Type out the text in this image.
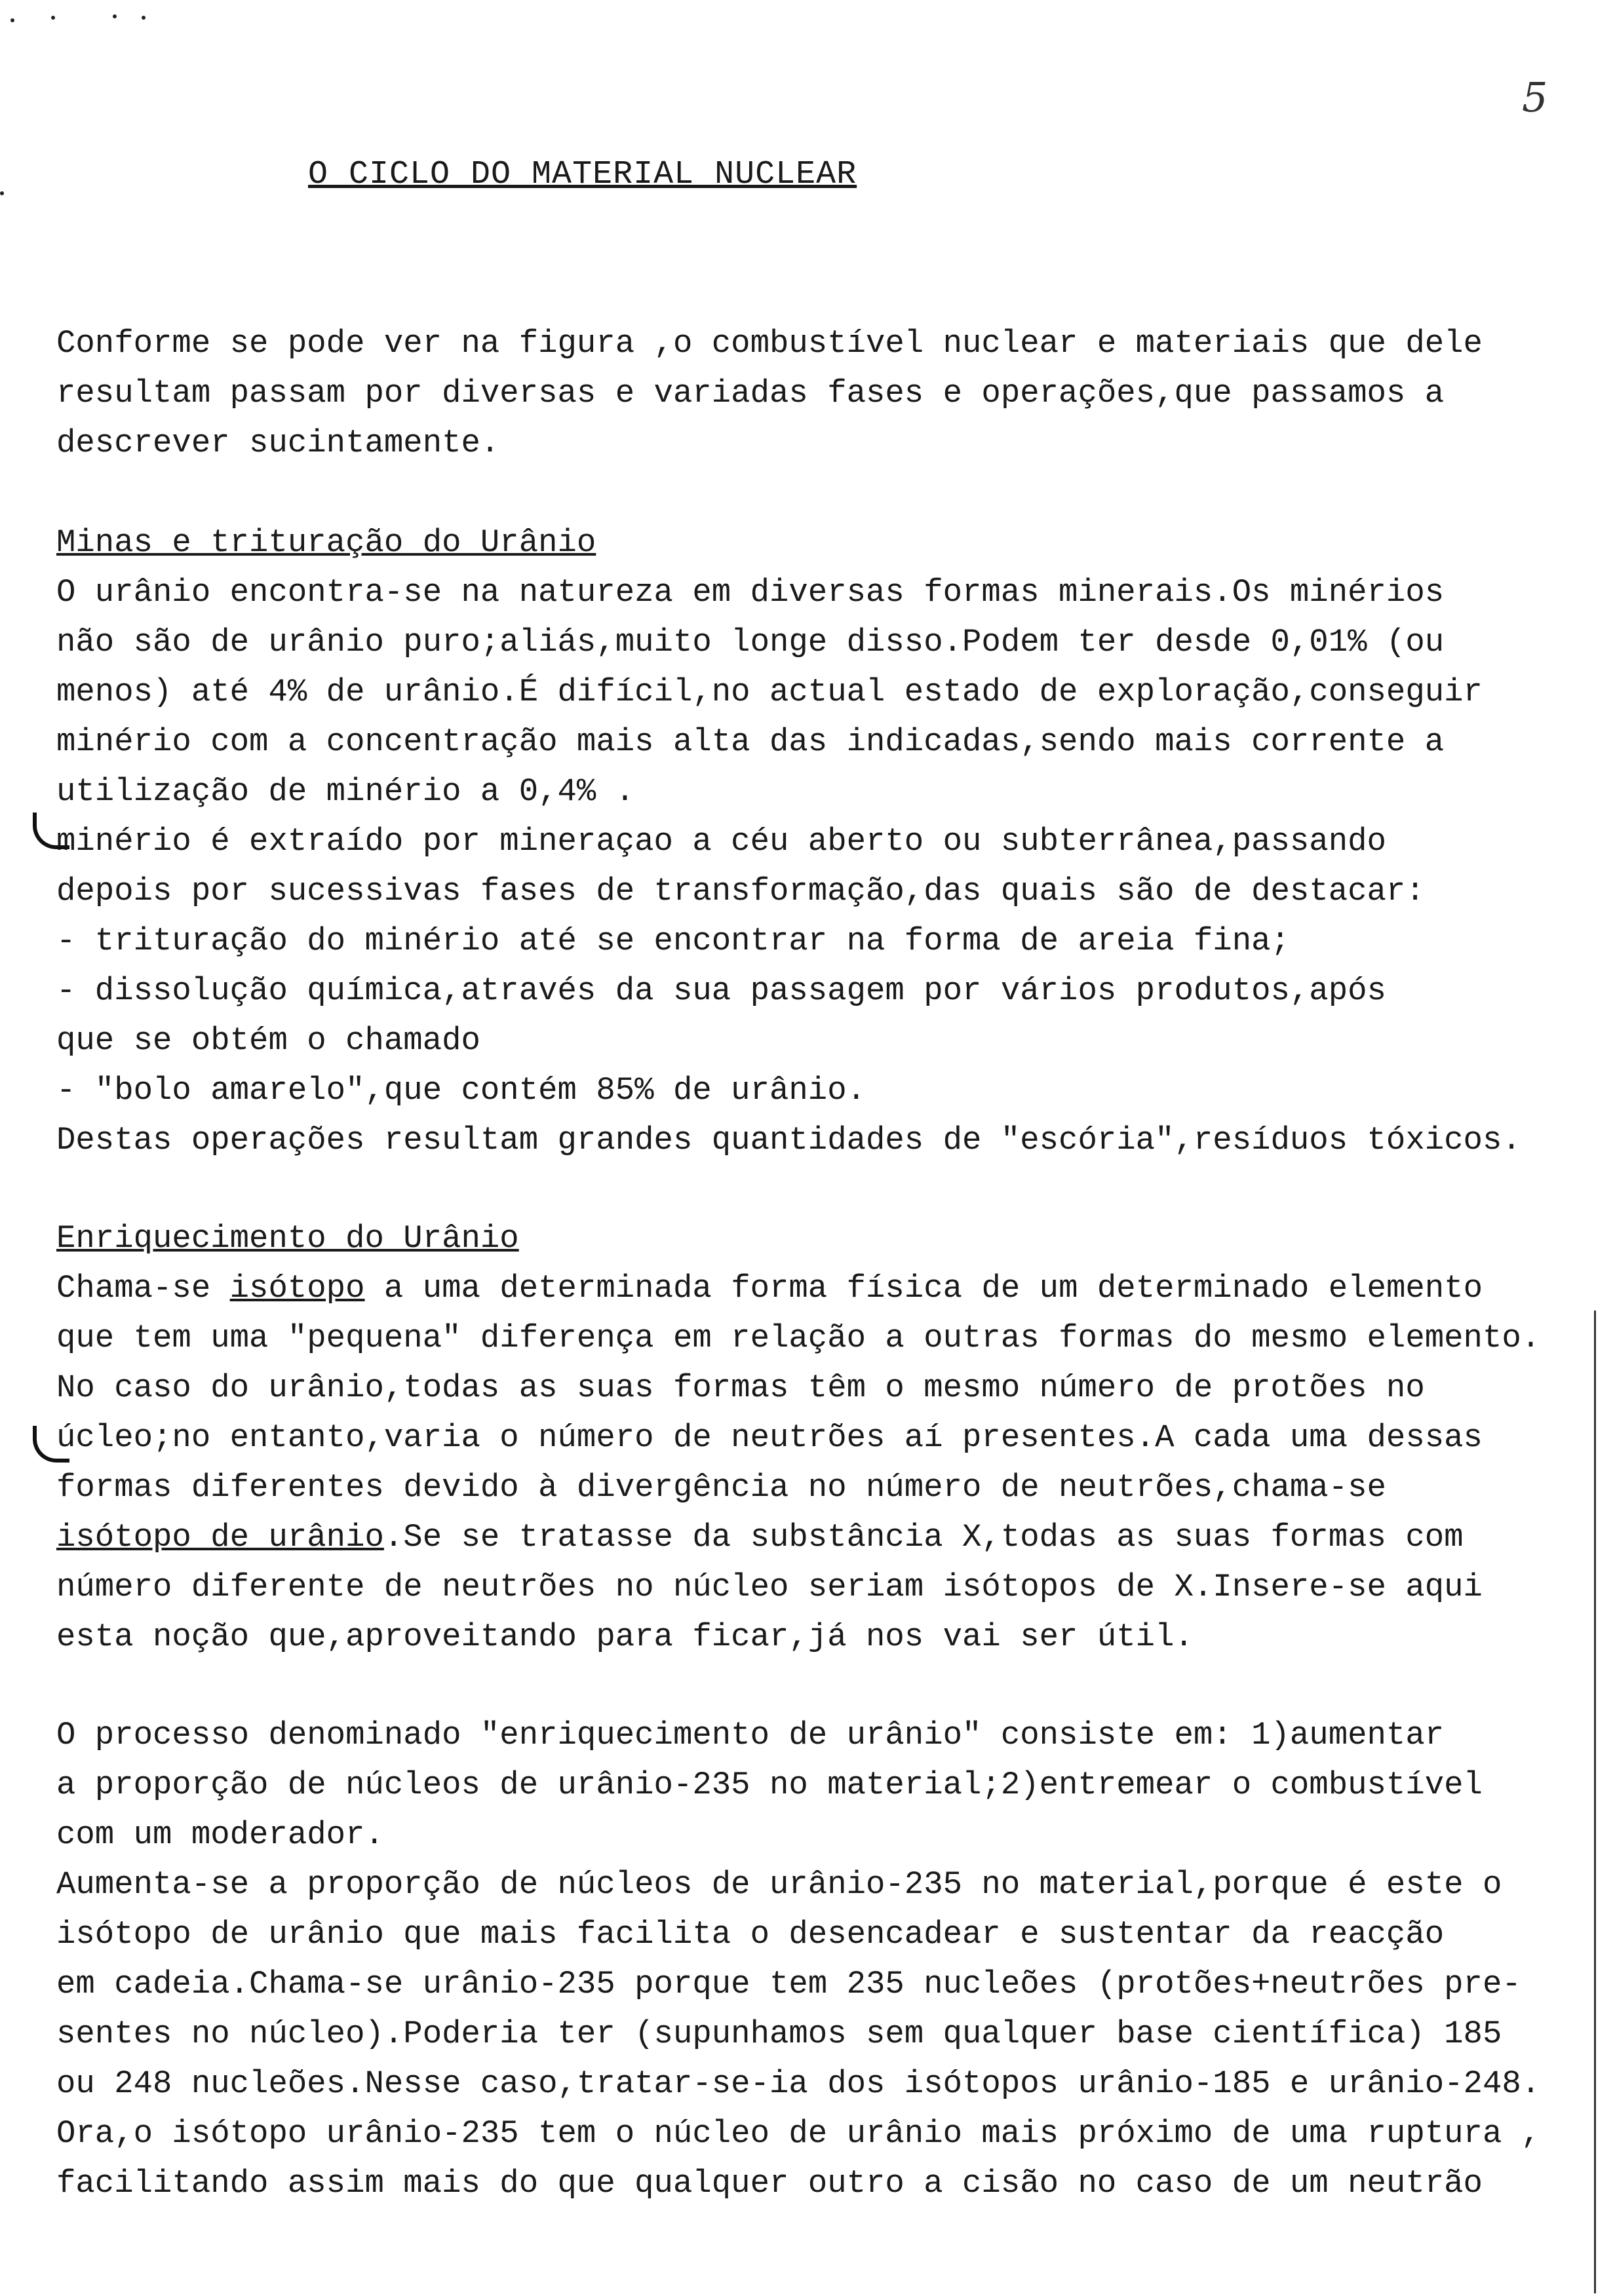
5
O CICLO DO MATERIAL NUCLEAR
Conforme se pode ver na figura ,o combustível nuclear e materiais que dele
resultam passam por diversas e variadas fases e operações,que passamos a
descrever sucintamente.
Minas e trituração do Urânio
O urânio encontra-se na natureza em diversas formas minerais.Os minérios
não são de urânio puro;aliás,muito longe disso.Podem ter desde 0,01% (ou
menos) até 4% de urânio.É difícil,no actual estado de exploração,conseguir
minério com a concentração mais alta das indicadas,sendo mais corrente a
utilização de minério a 0,4% .
minério é extraído por mineraçao a céu aberto ou subterrânea,passando
depois por sucessivas fases de transformação,das quais são de destacar:
- trituração do minério até se encontrar na forma de areia fina;
- dissolução química,através da sua passagem por vários produtos,após
que se obtém o chamado
- "bolo amarelo",que contém 85% de urânio.
Destas operações resultam grandes quantidades de "escória",resíduos tóxicos.
Enriquecimento do Urânio
Chama-se isótopo a uma determinada forma física de um determinado elemento
que tem uma "pequena" diferença em relação a outras formas do mesmo elemento.
No caso do urânio,todas as suas formas têm o mesmo número de protões no
úcleo;no entanto,varia o número de neutrões aí presentes.A cada uma dessas
formas diferentes devido à divergência no número de neutrões,chama-se
isótopo de urânio.Se se tratasse da substância X,todas as suas formas com
número diferente de neutrões no núcleo seriam isótopos de X.Insere-se aqui
esta noção que,aproveitando para ficar,já nos vai ser útil.
O processo denominado "enriquecimento de urânio" consiste em: 1)aumentar
a proporção de núcleos de urânio-235 no material;2)entremear o combustível
com um moderador.
Aumenta-se a proporção de núcleos de urânio-235 no material,porque é este o
isótopo de urânio que mais facilita o desencadear e sustentar da reacção
em cadeia.Chama-se urânio-235 porque tem 235 nucleões (protões+neutrões pre-
sentes no núcleo).Poderia ter (supunhamos sem qualquer base científica) 185
ou 248 nucleões.Nesse caso,tratar-se-ia dos isótopos urânio-185 e urânio-248.
Ora,o isótopo urânio-235 tem o núcleo de urânio mais próximo de uma ruptura ,
facilitando assim mais do que qualquer outro a cisão no caso de um neutrão
